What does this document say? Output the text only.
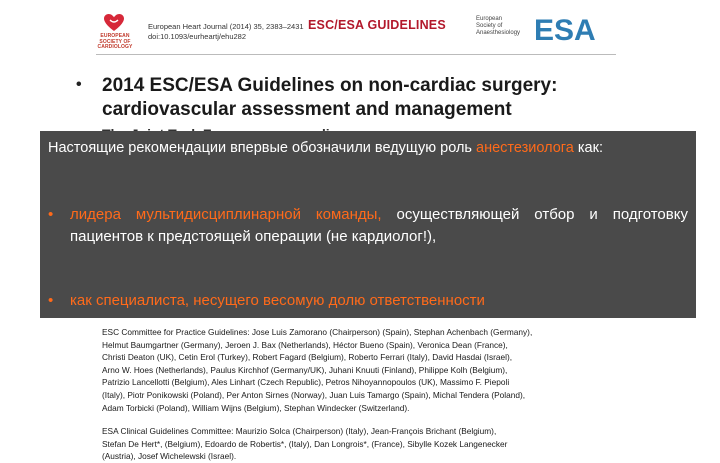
EUROPEAN SOCIETY OF CARDIOLOGY
European Heart Journal (2014) 35, 2383–2431
doi:10.1093/eurheartj/ehu282
ESC/ESA GUIDELINES	European
Society of
Anaesthesiology ESA
• 2014 ESC/ESA Guidelines on non-cardiac surgery:
cardiovascular assessment and management
Настоящие рекомендации впервые обозначили ведущую роль анестезиолога как:
• лидера мультидисциплинарной команды, осуществляющей отбор и подготовку пациентов к предстоящей операции (не кардиолог!),
• как специалиста, несущего весомую долю ответственности

ESC Committee for Practice Guidelines: Jose Luis Zamorano (Chairperson) (Spain), Stephan Achenbach (Germany),

Helmut Baumgartner (Germany), Jeroen J. Bax (Netherlands), Héctor Bueno (Spain), Veronica Dean (France),

Christi Deaton (UK), Cetin Erol (Turkey), Robert Fagard (Belgium), Roberto Ferrari (Italy), David Hasdai (Israel),

Arno W. Hoes (Netherlands), Paulus Kirchhof (Germany/UK), Juhani Knuuti (Finland), Philippe Kolh (Belgium),

Patrizio Lancellotti (Belgium), Ales Linhart (Czech Republic), Petros Nihoyannopoulos (UK), Massimo F. Piepoli

(Italy), Piotr Ponikowski (Poland), Per Anton Sirnes (Norway), Juan Luis Tamargo (Spain), Michal Tendera (Poland),

Adam Torbicki (Poland), William Wijns (Belgium), Stephan Windecker (Switzerland).

ESA Clinical Guidelines Committee: Maurizio Solca (Chairperson) (Italy), Jean-François Brichant (Belgium),

Stefan De Hert*, (Belgium), Edoardo de Robertis*, (Italy), Dan Longrois*, (France), Sibylle Kozek Langenecker

(Austria), Josef Wichelewski (Israel).
